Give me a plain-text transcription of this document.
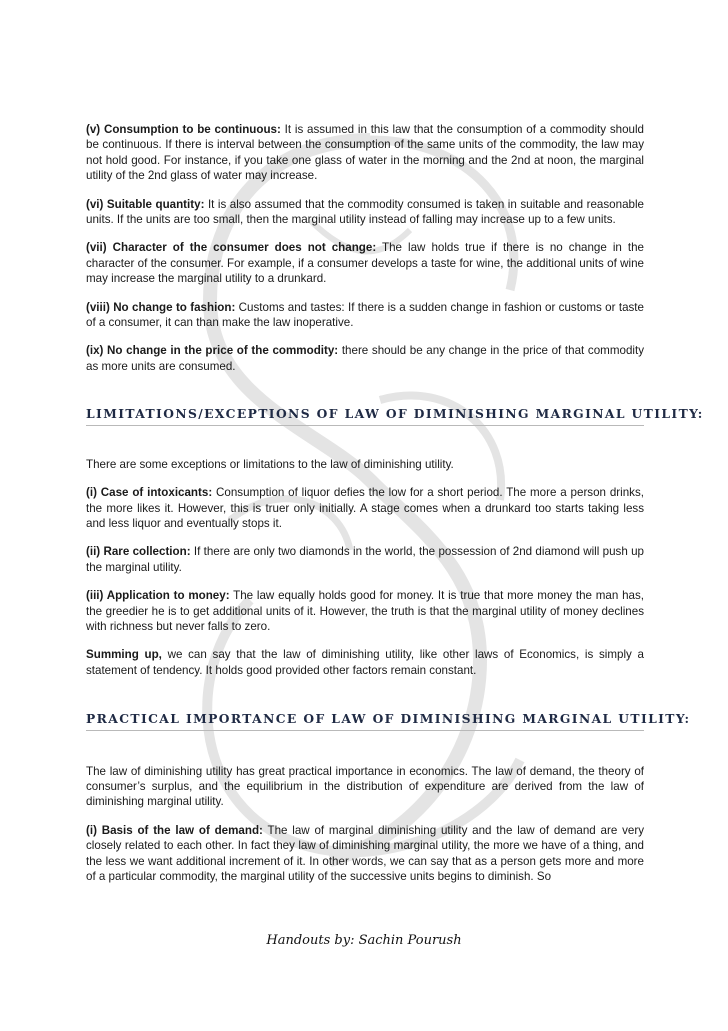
(v) Consumption to be continuous: It is assumed in this law that the consumption of a commodity should be continuous. If there is interval between the consumption of the same units of the commodity, the law may not hold good. For instance, if you take one glass of water in the morning and the 2nd at noon, the marginal utility of the 2nd glass of water may increase.

(vi) Suitable quantity: It is also assumed that the commodity consumed is taken in suitable and reasonable units. If the units are too small, then the marginal utility instead of falling may increase up to a few units.

(vii) Character of the consumer does not change: The law holds true if there is no change in the character of the consumer. For example, if a consumer develops a taste for wine, the additional units of wine may increase the marginal utility to a drunkard.

(viii) No change to fashion: Customs and tastes: If there is a sudden change in fashion or customs or taste of a consumer, it can than make the law inoperative.

(ix) No change in the price of the commodity: there should be any change in the price of that commodity as more units are consumed.

LIMITATIONS/EXCEPTIONS OF LAW OF DIMINISHING MARGINAL UTILITY:

There are some exceptions or limitations to the law of diminishing utility.

(i) Case of intoxicants: Consumption of liquor defies the low for a short period. The more a person drinks, the more likes it. However, this is truer only initially. A stage comes when a drunkard too starts taking less and less liquor and eventually stops it.

(ii) Rare collection: If there are only two diamonds in the world, the possession of 2nd diamond will push up the marginal utility.

(iii) Application to money: The law equally holds good for money. It is true that more money the man has, the greedier he is to get additional units of it. However, the truth is that the marginal utility of money declines with richness but never falls to zero.

Summing up, we can say that the law of diminishing utility, like other laws of Economics, is simply a statement of tendency. It holds good provided other factors remain constant.

PRACTICAL IMPORTANCE OF LAW OF DIMINISHING MARGINAL UTILITY:

The law of diminishing utility has great practical importance in economics. The law of demand, the theory of consumer’s surplus, and the equilibrium in the distribution of expenditure are derived from the law of diminishing marginal utility.

(i) Basis of the law of demand: The law of marginal diminishing utility and the law of demand are very closely related to each other. In fact they law of diminishing marginal utility, the more we have of a thing, and the less we want additional increment of it. In other words, we can say that as a person gets more and more of a particular commodity, the marginal utility of the successive units begins to diminish. So

Handouts by: Sachin Pourush
